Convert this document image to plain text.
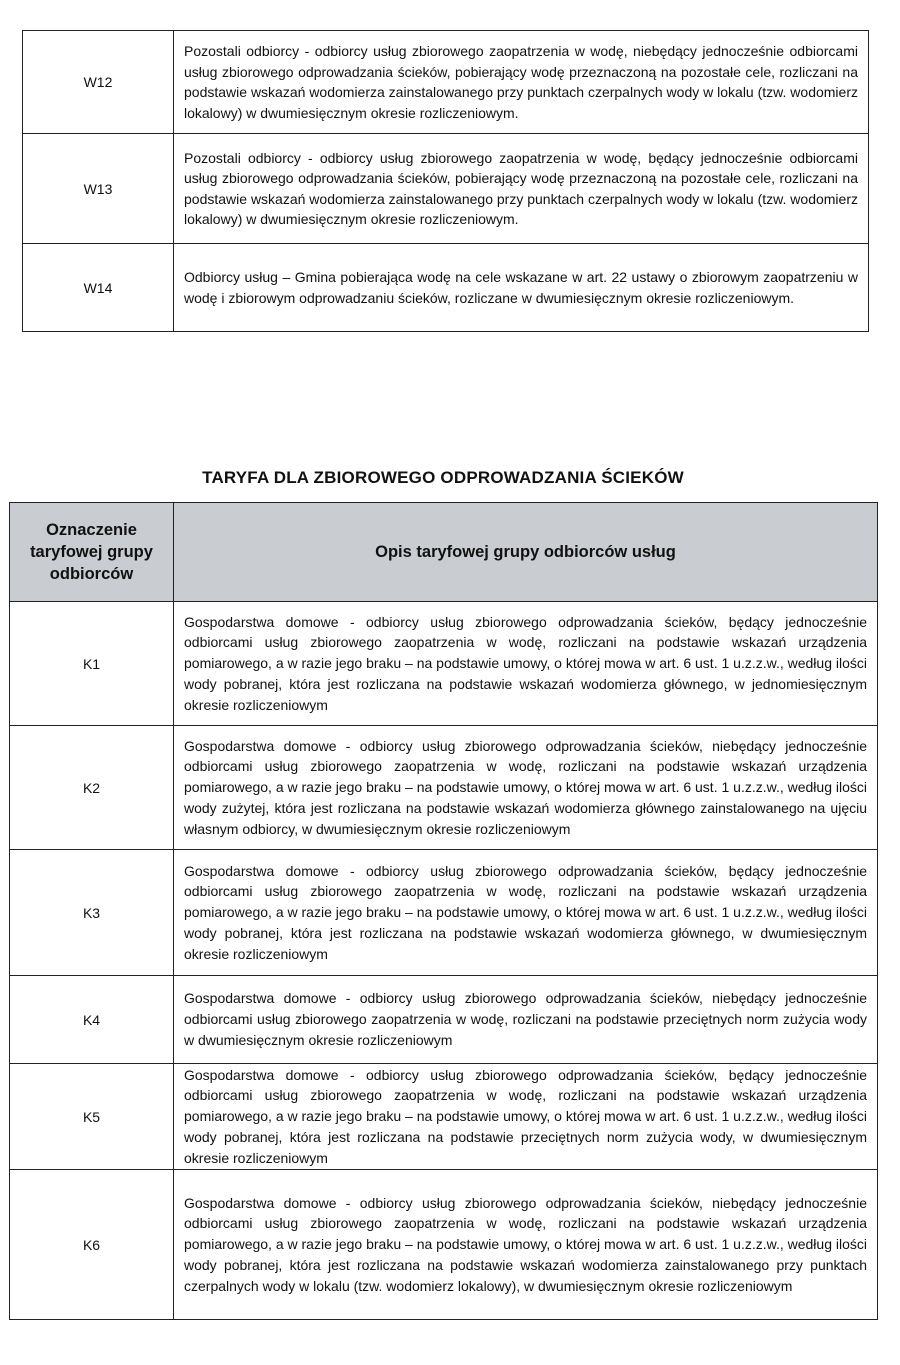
W12	Pozostali odbiorcy - odbiorcy usług zbiorowego zaopatrzenia w wodę, niebędący jednocześnie odbiorcami usług zbiorowego odprowadzania ścieków, pobierający wodę przeznaczoną na pozostałe cele, rozliczani na podstawie wskazań wodomierza zainstalowanego przy punktach czerpalnych wody w lokalu (tzw. wodomierz lokalowy) w dwumiesięcznym okresie rozliczeniowym.
W13	Pozostali odbiorcy - odbiorcy usług zbiorowego zaopatrzenia w wodę, będący jednocześnie odbiorcami usług zbiorowego odprowadzania ścieków, pobierający wodę przeznaczoną na pozostałe cele, rozliczani na podstawie wskazań wodomierza zainstalowanego przy punktach czerpalnych wody w lokalu (tzw. wodomierz lokalowy) w dwumiesięcznym okresie rozliczeniowym.
W14	Odbiorcy usług – Gmina pobierająca wodę na cele wskazane w art. 22 ustawy o zbiorowym zaopatrzeniu w wodę i zbiorowym odprowadzaniu ścieków, rozliczane w dwumiesięcznym okresie rozliczeniowym.
TARYFA DLA ZBIOROWEGO ODPROWADZANIA ŚCIEKÓW
Oznaczenie taryfowej grupy odbiorców	Opis taryfowej grupy odbiorców usług
K1	Gospodarstwa domowe - odbiorcy usług zbiorowego odprowadzania ścieków, będący jednocześnie odbiorcami usług zbiorowego zaopatrzenia w wodę, rozliczani na podstawie wskazań urządzenia pomiarowego, a w razie jego braku – na podstawie umowy, o której mowa w art. 6 ust. 1 u.z.z.w., według ilości wody pobranej, która jest rozliczana na podstawie wskazań wodomierza głównego, w jednomiesięcznym okresie rozliczeniowym
K2	Gospodarstwa domowe - odbiorcy usług zbiorowego odprowadzania ścieków, niebędący jednocześnie odbiorcami usług zbiorowego zaopatrzenia w wodę, rozliczani na podstawie wskazań urządzenia pomiarowego, a w razie jego braku – na podstawie umowy, o której mowa w art. 6 ust. 1 u.z.z.w., według ilości wody zużytej, która jest rozliczana na podstawie wskazań wodomierza głównego zainstalowanego na ujęciu własnym odbiorcy, w dwumiesięcznym okresie rozliczeniowym
K3	Gospodarstwa domowe - odbiorcy usług zbiorowego odprowadzania ścieków, będący jednocześnie odbiorcami usług zbiorowego zaopatrzenia w wodę, rozliczani na podstawie wskazań urządzenia pomiarowego, a w razie jego braku – na podstawie umowy, o której mowa w art. 6 ust. 1 u.z.z.w., według ilości wody pobranej, która jest rozliczana na podstawie wskazań wodomierza głównego, w dwumiesięcznym okresie rozliczeniowym
K4	Gospodarstwa domowe - odbiorcy usług zbiorowego odprowadzania ścieków, niebędący jednocześnie odbiorcami usług zbiorowego zaopatrzenia w wodę, rozliczani na podstawie przeciętnych norm zużycia wody w dwumiesięcznym okresie rozliczeniowym
K5	Gospodarstwa domowe - odbiorcy usług zbiorowego odprowadzania ścieków, będący jednocześnie odbiorcami usług zbiorowego zaopatrzenia w wodę, rozliczani na podstawie wskazań urządzenia pomiarowego, a w razie jego braku – na podstawie umowy, o której mowa w art. 6 ust. 1 u.z.z.w., według ilości wody pobranej, która jest rozliczana na podstawie przeciętnych norm zużycia wody, w dwumiesięcznym okresie rozliczeniowym
K6	Gospodarstwa domowe - odbiorcy usług zbiorowego odprowadzania ścieków, niebędący jednocześnie odbiorcami usług zbiorowego zaopatrzenia w wodę, rozliczani na podstawie wskazań urządzenia pomiarowego, a w razie jego braku – na podstawie umowy, o której mowa w art. 6 ust. 1 u.z.z.w., według ilości wody pobranej, która jest rozliczana na podstawie wskazań wodomierza zainstalowanego przy punktach czerpalnych wody w lokalu (tzw. wodomierz lokalowy), w dwumiesięcznym okresie rozliczeniowym
